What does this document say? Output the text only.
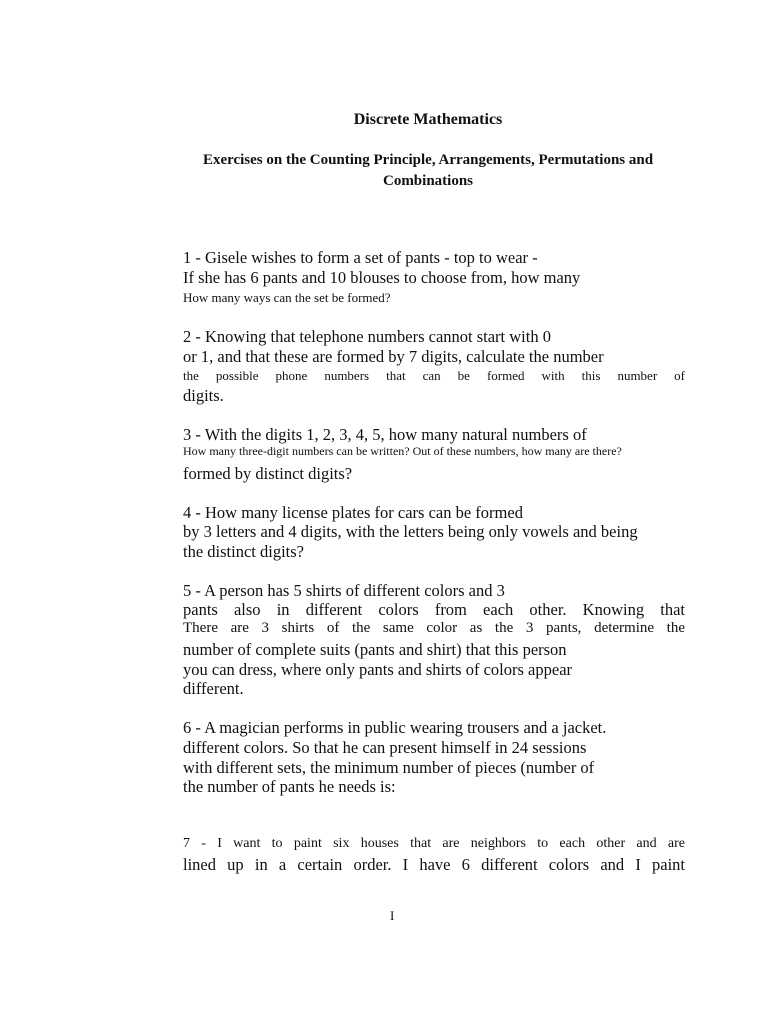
Discrete Mathematics
Exercises on the Counting Principle, Arrangements, Permutations and
Combinations
1 - Gisele wishes to form a set of pants - top to wear -
If she has 6 pants and 10 blouses to choose from, how many
How many ways can the set be formed?
2 - Knowing that telephone numbers cannot start with 0
or 1, and that these are formed by 7 digits, calculate the number
the possible phone numbers that can be formed with this number of
digits.
3 - With the digits 1, 2, 3, 4, 5, how many natural numbers of
How many three-digit numbers can be written? Out of these numbers, how many are there?
formed by distinct digits?
4 - How many license plates for cars can be formed
by 3 letters and 4 digits, with the letters being only vowels and being
the distinct digits?
5 - A person has 5 shirts of different colors and 3
pants also in different colors from each other. Knowing that
There are 3 shirts of the same color as the 3 pants, determine the
number of complete suits (pants and shirt) that this person
you can dress, where only pants and shirts of colors appear
different.
6 - A magician performs in public wearing trousers and a jacket.
different colors. So that he can present himself in 24 sessions
with different sets, the minimum number of pieces (number of
the number of pants he needs is:
7 - I want to paint six houses that are neighbors to each other and are
lined up in a certain order. I have 6 different colors and I paint
I
